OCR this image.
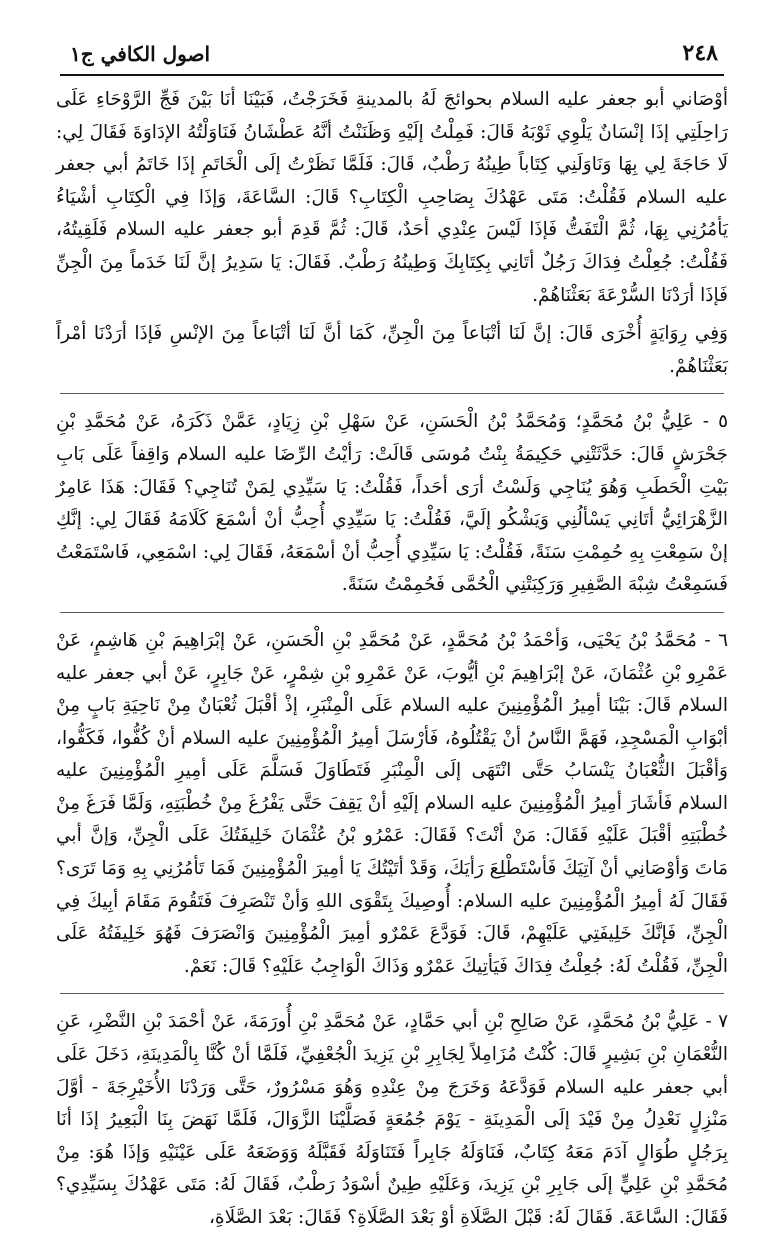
اصول الكافي ج١	٢٤٨

أوْصَاني أبو جعفر عليه السلام بحوائجَ لَهُ بالمدينةِ فَخَرَجْتُ، فَبَيْنَا أنَا بَيْنَ فَجِّ الرَّوْحَاءِ عَلَى رَاحِلَتِي إذَا إنْسَانٌ يَلْوِي ثَوْبَهُ قَالَ: فَمِلْتُ إلَيْهِ وَظَنَنْتُ أنَّهُ عَطْشَانُ فَنَاوَلْتُهُ الإدَاوَةَ فَقَالَ لِي: لَا حَاجَةَ لِي بِهَا وَنَاوَلَنِي كِتَاباً طِينُهُ رَطْبٌ، قَالَ: فَلَمَّا نَظَرْتُ إلَى الْخَاتَمِ إذَا خَاتَمُ أبي جعفر عليه السلام فَقُلْتُ: مَتَى عَهْدُكَ بِصَاحِبِ الْكِتَابِ؟ قَالَ: السَّاعَةَ، وَإذَا فِي الْكِتَابِ أشْيَاءُ يَأمُرُنِي بِهَا، ثُمَّ الْتَفَتُّ فَإذَا لَيْسَ عِنْدِي أحَدٌ، قَالَ: ثُمَّ قَدِمَ أبو جعفر عليه السلام فَلَقِيتُهُ، فَقُلْتُ: جُعِلْتُ فِدَاكَ رَجُلٌ أتَانِي بِكِتَابِكَ وَطِينُهُ رَطْبٌ. فَقَالَ: يَا سَدِيرُ إنَّ لَنَا خَدَماً مِنَ الْجِنِّ فَإذَا أرَدْنَا السُّرْعَةَ بَعَثْنَاهُمْ.

وَفِي رِوَايَةٍ أُخْرَى قَالَ: إنَّ لَنَا أتْبَاعاً مِنَ الْجِنِّ، كَمَا أنَّ لَنَا أتْبَاعاً مِنَ الإنْسِ فَإذَا أرَدْنَا أمْراً بَعَثْنَاهُمْ.

٥ - عَلِيُّ بْنُ مُحَمَّدٍ؛ وَمُحَمَّدُ بْنُ الْحَسَنِ، عَنْ سَهْلِ بْنِ زِيَادٍ، عَمَّنْ ذَكَرَهُ، عَنْ مُحَمَّدِ بْنِ جَحْرَشٍ قَالَ: حَدَّثَتْنِي حَكِيمَةُ بِنْتُ مُوسَى قَالَتْ: رَأيْتُ الرِّضَا عليه السلام وَاقِفاً عَلَى بَابِ بَيْتِ الْحَطَبِ وَهُوَ يُنَاجِي وَلَسْتُ أرَى أحَداً، فَقُلْتُ: يَا سَيِّدِي لِمَنْ تُنَاجِي؟ فَقَالَ: هَذَا عَامِرٌ الزَّهْرَائِيُّ أتَانِي يَسْألُنِي وَيَشْكُو إلَيَّ، فَقُلْتُ: يَا سَيِّدِي أُحِبُّ أنْ أسْمَعَ كَلَامَهُ فَقَالَ لِي: إنَّكِ إنْ سَمِعْتِ بِهِ حُمِمْتِ سَنَةً، فَقُلْتُ: يَا سَيِّدِي أُحِبُّ أنْ أسْمَعَهُ، فَقَالَ لِي: اسْمَعِي، فَاسْتَمَعْتُ فَسَمِعْتُ شِبْهَ الصَّفِيرِ وَرَكِبَتْنِي الْحُمَّى فَحُمِمْتُ سَنَةً.

٦ - مُحَمَّدُ بْنُ يَحْيَى، وَأحْمَدُ بْنُ مُحَمَّدٍ، عَنْ مُحَمَّدِ بْنِ الْحَسَنِ، عَنْ إبْرَاهِيمَ بْنِ هَاشِمٍ، عَنْ عَمْرِو بْنِ عُثْمَانَ، عَنْ إبْرَاهِيمَ بْنِ أيُّوبَ، عَنْ عَمْرِو بْنِ شِمْرٍ، عَنْ جَابِرٍ، عَنْ أبي جعفر عليه السلام قَالَ: بَيْنَا أمِيرُ الْمُؤْمِنِينَ عليه السلام عَلَى الْمِنْبَرِ، إذْ أقْبَلَ ثُعْبَانٌ مِنْ نَاحِيَةِ بَابٍ مِنْ أبْوَابِ الْمَسْجِدِ، فَهَمَّ النَّاسُ أنْ يَقْتُلُوهُ، فَأرْسَلَ أمِيرُ الْمُؤْمِنِينَ عليه السلام أنْ كُفُّوا، فَكَفُّوا، وَأقْبَلَ الثُّعْبَانُ يَنْسَابُ حَتَّى انْتَهَى إلَى الْمِنْبَرِ فَتَطَاوَلَ فَسَلَّمَ عَلَى أمِيرِ الْمُؤْمِنِينَ عليه السلام فَأشَارَ أمِيرُ الْمُؤْمِنِينَ عليه السلام إلَيْهِ أنْ يَقِفَ حَتَّى يَفْرُغَ مِنْ خُطْبَتِهِ، وَلَمَّا فَرَغَ مِنْ خُطْبَتِهِ أقْبَلَ عَلَيْهِ فَقَالَ: مَنْ أنْتَ؟ فَقَالَ: عَمْرُو بْنُ عُثْمَانَ خَلِيفَتُكَ عَلَى الْجِنِّ، وَإنَّ أبي مَاتَ وَأوْصَانِي أنْ آتِيَكَ فَأسْتَطْلِعَ رَأيَكَ، وَقَدْ أتَيْتُكَ يَا أمِيرَ الْمُؤْمِنِينَ فَمَا تَأمُرُنِي بِهِ وَمَا تَرَى؟ فَقَالَ لَهُ أمِيرُ الْمُؤْمِنِينَ عليه السلام: أُوصِيكَ بِتَقْوَى اللهِ وَأنْ تَنْصَرِفَ فَتَقُومَ مَقَامَ أبِيكَ فِي الْجِنِّ، فَإنَّكَ خَلِيفَتِي عَلَيْهِمْ، قَالَ: فَوَدَّعَ عَمْرٌو أمِيرَ الْمُؤْمِنِينَ وَانْصَرَفَ فَهُوَ خَلِيفَتُهُ عَلَى الْجِنِّ، فَقُلْتُ لَهُ: جُعِلْتُ فِدَاكَ فَيَأتِيكَ عَمْرٌو وَذَاكَ الْوَاجِبُ عَلَيْهِ؟ قَالَ: نَعَمْ.

٧ - عَلِيُّ بْنُ مُحَمَّدٍ، عَنْ صَالِحِ بْنِ أبي حَمَّادٍ، عَنْ مُحَمَّدِ بْنِ أُورَمَةَ، عَنْ أحْمَدَ بْنِ النَّضْرِ، عَنِ النُّعْمَانِ بْنِ بَشِيرٍ قَالَ: كُنْتُ مُزَامِلاً لِجَابِرِ بْنِ يَزِيدَ الْجُعْفِيِّ، فَلَمَّا أنْ كُنَّا بِالْمَدِينَةِ، دَخَلَ عَلَى أبي جعفر عليه السلام فَوَدَّعَهُ وَخَرَجَ مِنْ عِنْدِهِ وَهُوَ مَسْرُورٌ، حَتَّى وَرَدْنَا الأُخَيْرِجَةَ - أوَّلَ مَنْزِلٍ نَعْدِلُ مِنْ فَيْدَ إلَى الْمَدِينَةِ - يَوْمَ جُمُعَةٍ فَصَلَّيْنَا الزَّوَالَ، فَلَمَّا نَهَضَ بِنَا الْبَعِيرُ إذَا أنَا بِرَجُلٍ طُوَالٍ آدَمَ مَعَهُ كِتَابٌ، فَنَاوَلَهُ جَابِراً فَتَنَاوَلَهُ فَقَبَّلَهُ وَوَضَعَهُ عَلَى عَيْنَيْهِ وَإذَا هُوَ: مِنْ مُحَمَّدِ بْنِ عَلِيٍّ إلَى جَابِرِ بْنِ يَزِيدَ، وَعَلَيْهِ طِينٌ أسْوَدُ رَطْبٌ، فَقَالَ لَهُ: مَتَى عَهْدُكَ بِسَيِّدِي؟ فَقَالَ: السَّاعَةَ. فَقَالَ لَهُ: قَبْلَ الصَّلَاةِ أوْ بَعْدَ الصَّلَاةِ؟ فَقَالَ: بَعْدَ الصَّلَاةِ،
